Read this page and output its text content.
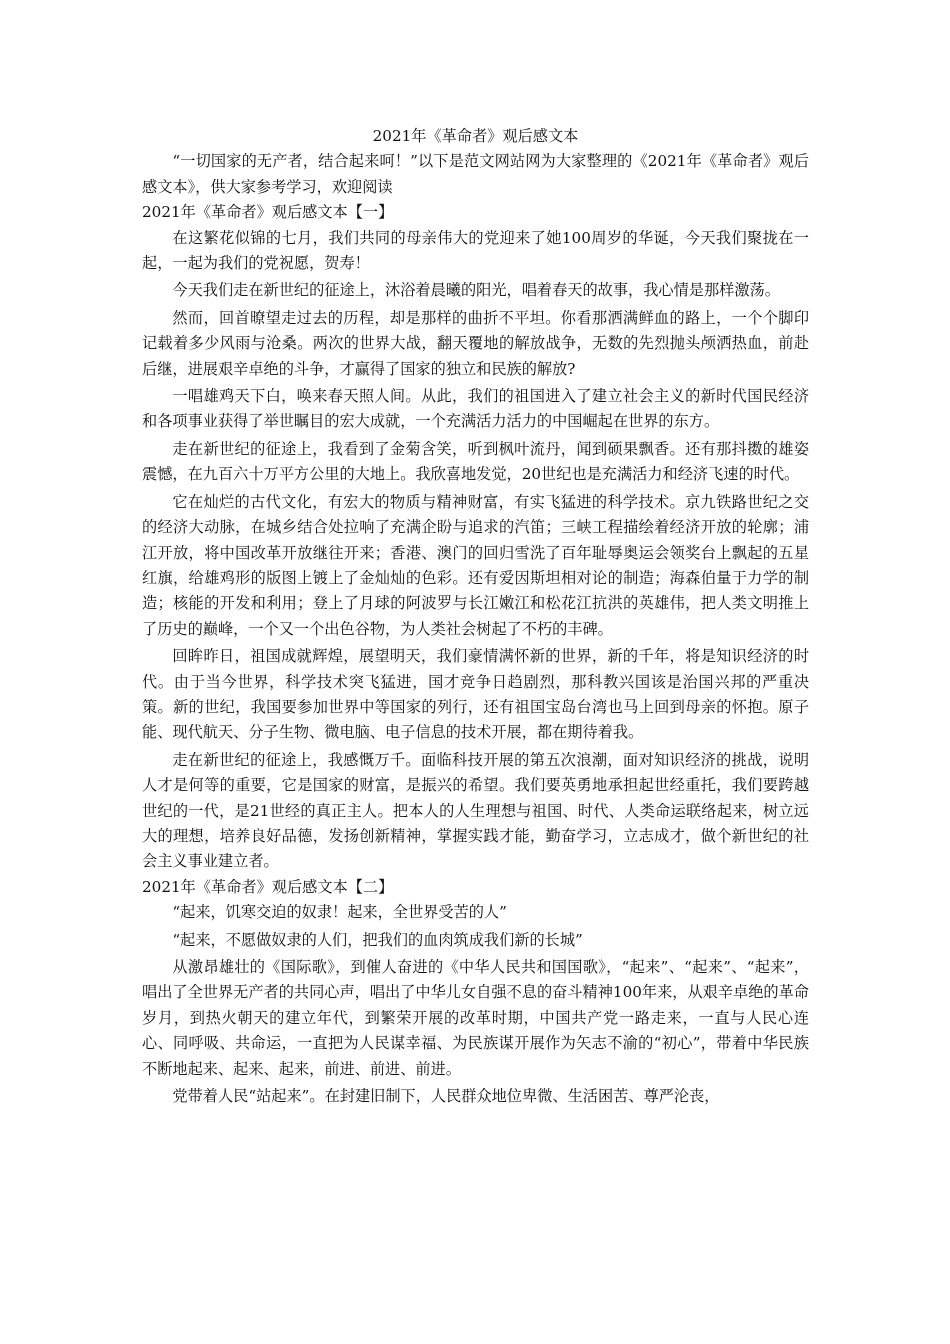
2021年《革命者》观后感文本

“一切国家的无产者，结合起来呵！”以下是范文网站网为大家整理的《2021年《革命者》观后感文本》，供大家参考学习，欢迎阅读

2021年《革命者》观后感文本【一】

在这繁花似锦的七月，我们共同的母亲伟大的党迎来了她100周岁的华诞，今天我们聚拢在一起，一起为我们的党祝愿，贺寿！

今天我们走在新世纪的征途上，沐浴着晨曦的阳光，唱着春天的故事，我心情是那样激荡。

然而，回首暸望走过去的历程，却是那样的曲折不平坦。你看那洒满鲜血的路上，一个个脚印记载着多少风雨与沧桑。两次的世界大战，翻天覆地的解放战争，无数的先烈抛头颅洒热血，前赴后继，进展艰辛卓绝的斗争，才赢得了国家的独立和民族的解放?

一唱雄鸡天下白，唤来春天照人间。从此，我们的祖国进入了建立社会主义的新时代国民经济和各项事业获得了举世瞩目的宏大成就，一个充满活力活力的中国崛起在世界的东方。

走在新世纪的征途上，我看到了金菊含笑，听到枫叶流丹，闻到硕果飘香。还有那抖擞的雄姿震憾，在九百六十万平方公里的大地上。我欣喜地发觉，20世纪也是充满活力和经济飞速的时代。

它在灿烂的古代文化，有宏大的物质与精神财富，有实飞猛进的科学技术。京九铁路世纪之交的经济大动脉，在城乡结合处拉响了充满企盼与追求的汽笛；三峡工程描绘着经济开放的轮廓；浦江开放，将中国改革开放继往开来；香港、澳门的回归雪洗了百年耻辱奥运会领奖台上飘起的五星红旗，给雄鸡形的版图上镀上了金灿灿的色彩。还有爱因斯坦相对论的制造；海森伯量于力学的制造；核能的开发和利用；登上了月球的阿波罗与长江嫩江和松花江抗洪的英雄伟，把人类文明推上了历史的巅峰，一个又一个出色谷物，为人类社会树起了不朽的丰碑。

回眸昨日，祖国成就辉煌，展望明天，我们豪情满怀新的世界，新的千年，将是知识经济的时代。由于当今世界，科学技术突飞猛进，国才竞争日趋剧烈，那科教兴国该是治国兴邦的严重决策。新的世纪，我国要参加世界中等国家的列行，还有祖国宝岛台湾也马上回到母亲的怀抱。原子能、现代航天、分子生物、微电脑、电子信息的技术开展，都在期待着我。

走在新世纪的征途上，我感慨万千。面临科技开展的第五次浪潮，面对知识经济的挑战，说明人才是何等的重要，它是国家的财富，是振兴的希望。我们要英勇地承担起世经重托，我们要跨越世纪的一代，是21世经的真正主人。把本人的人生理想与祖国、时代、人类命运联络起来，树立远大的理想，培养良好品德，发扬创新精神，掌握实践才能，勤奋学习，立志成才，做个新世纪的社会主义事业建立者。

2021年《革命者》观后感文本【二】

“起来，饥寒交迫的奴隶！起来，全世界受苦的人”

“起来，不愿做奴隶的人们，把我们的血肉筑成我们新的长城”

从激昂雄壮的《国际歌》，到催人奋进的《中华人民共和国国歌》，“起来”、“起来”、“起来”，唱出了全世界无产者的共同心声，唱出了中华儿女自强不息的奋斗精神100年来，从艰辛卓绝的革命岁月，到热火朝天的建立年代，到繁荣开展的改革时期，中国共产党一路走来，一直与人民心连心、同呼吸、共命运，一直把为人民谋幸福、为民族谋开展作为矢志不渝的“初心”，带着中华民族不断地起来、起来、起来，前进、前进、前进。

党带着人民“站起来”。在封建旧制下，人民群众地位卑微、生活困苦、尊严沦丧，
